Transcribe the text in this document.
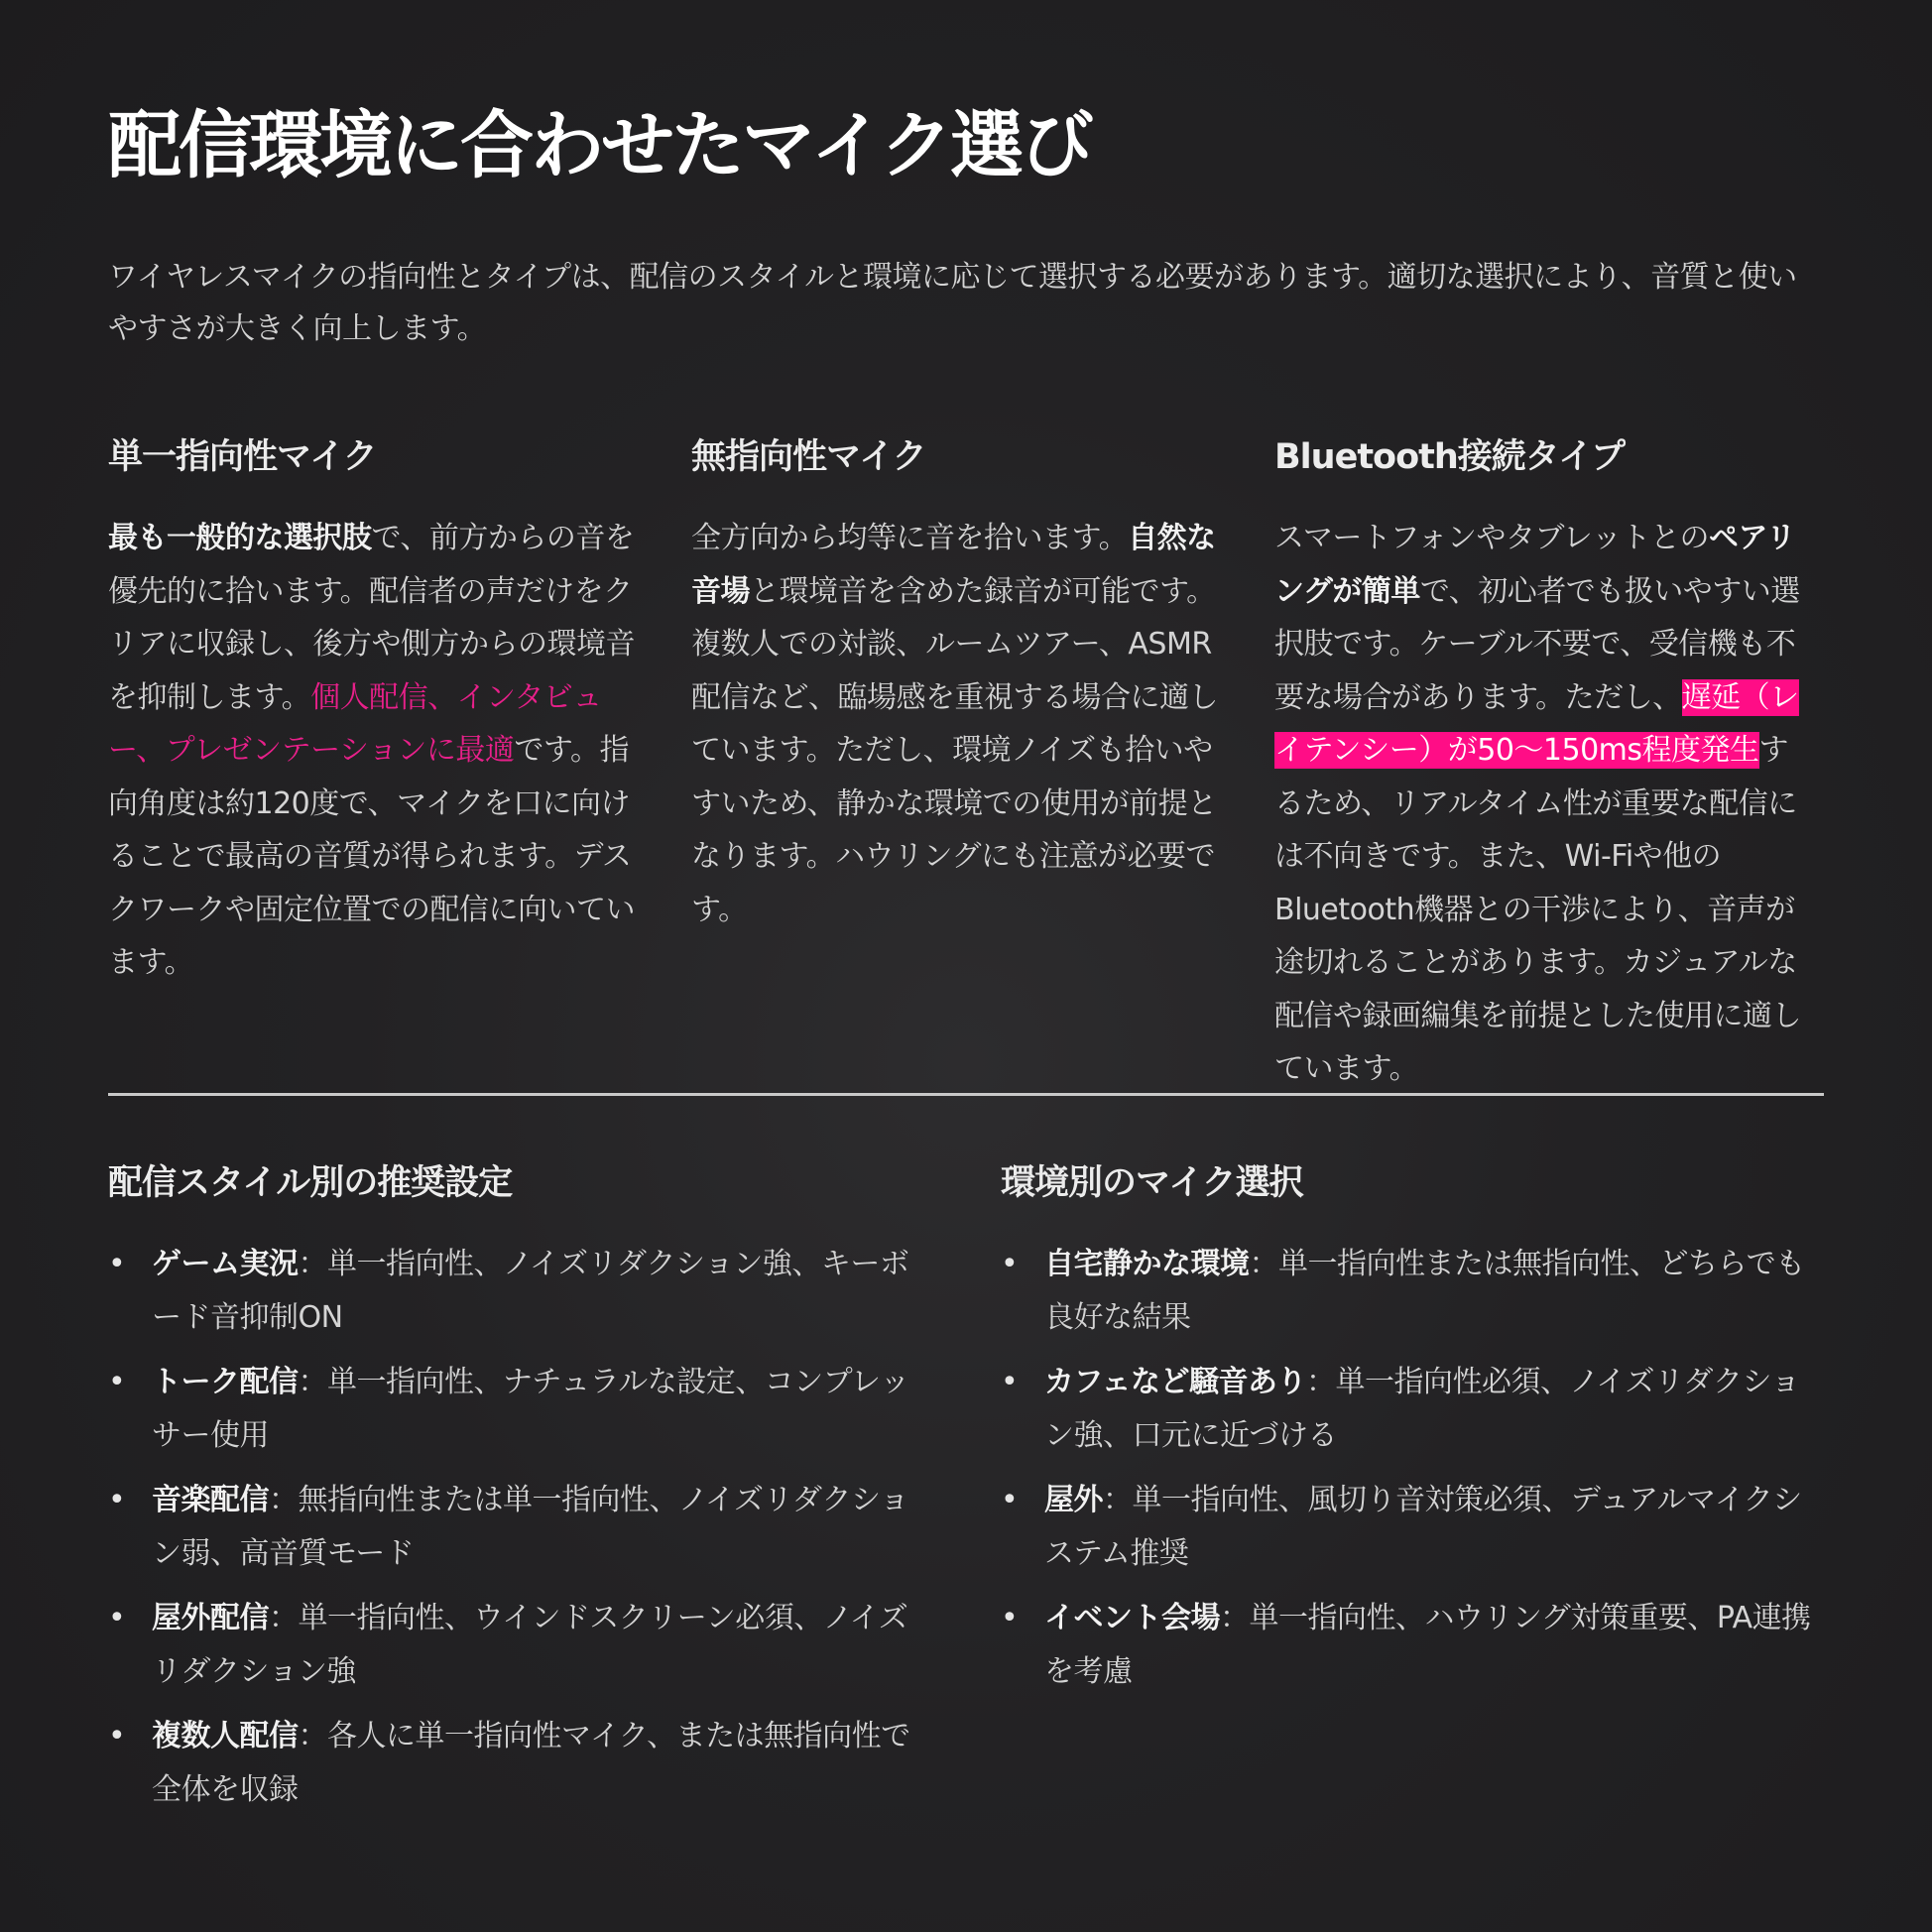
配信環境に合わせたマイク選び

ワイヤレスマイクの指向性とタイプは、配信のスタイルと環境に応じて選択する必要があります。適切な選択により、音質と使いやすさが大きく向上します。

単一指向性マイク

最も一般的な選択肢で、前方からの音を優先的に拾います。配信者の声だけをクリアに収録し、後方や側方からの環境音を抑制します。個人配信、インタビュー、プレゼンテーションに最適です。指向角度は約120度で、マイクを口に向けることで最高の音質が得られます。デスクワークや固定位置での配信に向いています。

無指向性マイク

全方向から均等に音を拾います。自然な音場と環境音を含めた録音が可能です。複数人での対談、ルームツアー、ASMR配信など、臨場感を重視する場合に適しています。ただし、環境ノイズも拾いやすいため、静かな環境での使用が前提となります。ハウリングにも注意が必要です。

Bluetooth接続タイプ

スマートフォンやタブレットとのペアリングが簡単で、初心者でも扱いやすい選択肢です。ケーブル不要で、受信機も不要な場合があります。ただし、遅延（レイテンシー）が50〜150ms程度発生するため、リアルタイム性が重要な配信には不向きです。また、Wi-Fiや他のBluetooth機器との干渉により、音声が途切れることがあります。カジュアルな配信や録画編集を前提とした使用に適しています。

配信スタイル別の推奨設定
• ゲーム実況：単一指向性、ノイズリダクション強、キーボード音抑制ON
• トーク配信：単一指向性、ナチュラルな設定、コンプレッサー使用
• 音楽配信：無指向性または単一指向性、ノイズリダクション弱、高音質モード
• 屋外配信：単一指向性、ウインドスクリーン必須、ノイズリダクション強
• 複数人配信：各人に単一指向性マイク、または無指向性で全体を収録
環境別のマイク選択
• 自宅静かな環境：単一指向性または無指向性、どちらでも良好な結果
• カフェなど騒音あり：単一指向性必須、ノイズリダクション強、口元に近づける
• 屋外：単一指向性、風切り音対策必須、デュアルマイクシステム推奨
• イベント会場：単一指向性、ハウリング対策重要、PA連携を考慮
